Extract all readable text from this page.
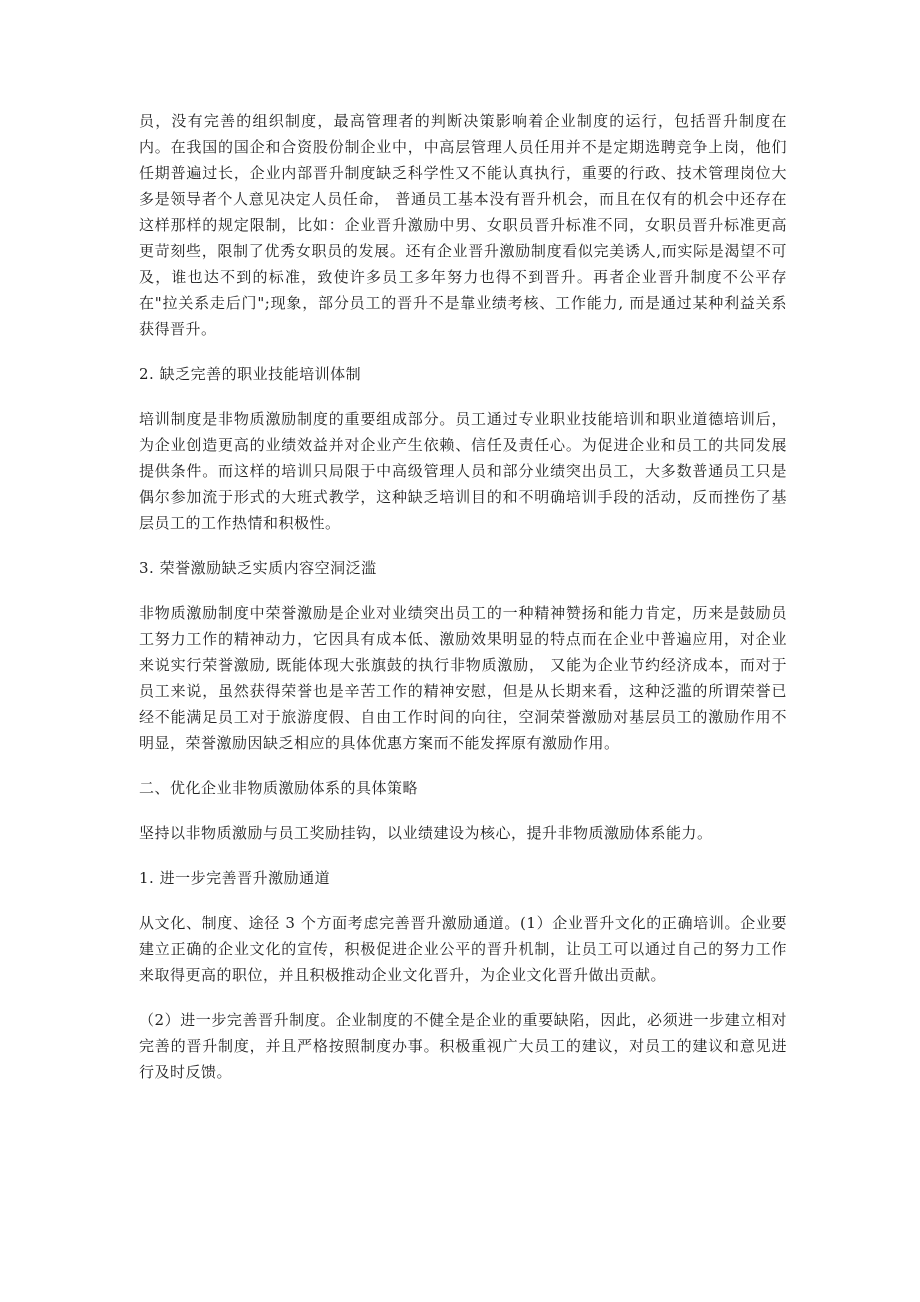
员，没有完善的组织制度，最高管理者的判断决策影响着企业制度的运行，包括晋升制度在内。在我国的国企和合资股份制企业中，中高层管理人员任用并不是定期选聘竞争上岗，他们任期普遍过长，企业内部晋升制度缺乏科学性又不能认真执行，重要的行政、技术管理岗位大多是领导者个人意见决定人员任命， 普通员工基本没有晋升机会，而且在仅有的机会中还存在这样那样的规定限制，比如：企业晋升激励中男、女职员晋升标准不同，女职员晋升标准更高更苛刻些，限制了优秀女职员的发展。还有企业晋升激励制度看似完美诱人,而实际是渴望不可及，谁也达不到的标准，致使许多员工多年努力也得不到晋升。再者企业晋升制度不公平存在"拉关系走后门";现象，部分员工的晋升不是靠业绩考核、工作能力, 而是通过某种利益关系获得晋升。

2. 缺乏完善的职业技能培训体制

培训制度是非物质激励制度的重要组成部分。员工通过专业职业技能培训和职业道德培训后，为企业创造更高的业绩效益并对企业产生依赖、信任及责任心。为促进企业和员工的共同发展提供条件。而这样的培训只局限于中高级管理人员和部分业绩突出员工，大多数普通员工只是偶尔参加流于形式的大班式教学，这种缺乏培训目的和不明确培训手段的活动，反而挫伤了基层员工的工作热情和积极性。

3. 荣誉激励缺乏实质内容空洞泛滥

非物质激励制度中荣誉激励是企业对业绩突出员工的一种精神赞扬和能力肯定，历来是鼓励员工努力工作的精神动力，它因具有成本低、激励效果明显的特点而在企业中普遍应用，对企业来说实行荣誉激励, 既能体现大张旗鼓的执行非物质激励， 又能为企业节约经济成本，而对于员工来说，虽然获得荣誉也是辛苦工作的精神安慰，但是从长期来看，这种泛滥的所谓荣誉已经不能满足员工对于旅游度假、自由工作时间的向往，空洞荣誉激励对基层员工的激励作用不明显，荣誉激励因缺乏相应的具体优惠方案而不能发挥原有激励作用。

二、优化企业非物质激励体系的具体策略

坚持以非物质激励与员工奖励挂钩，以业绩建设为核心，提升非物质激励体系能力。

1. 进一步完善晋升激励通道

从文化、制度、途径 3 个方面考虑完善晋升激励通道。(1）企业晋升文化的正确培训。企业要建立正确的企业文化的宣传，积极促进企业公平的晋升机制，让员工可以通过自己的努力工作来取得更高的职位，并且积极推动企业文化晋升，为企业文化晋升做出贡献。

（2）进一步完善晋升制度。企业制度的不健全是企业的重要缺陷，因此，必须进一步建立相对完善的晋升制度，并且严格按照制度办事。积极重视广大员工的建议，对员工的建议和意见进行及时反馈。
